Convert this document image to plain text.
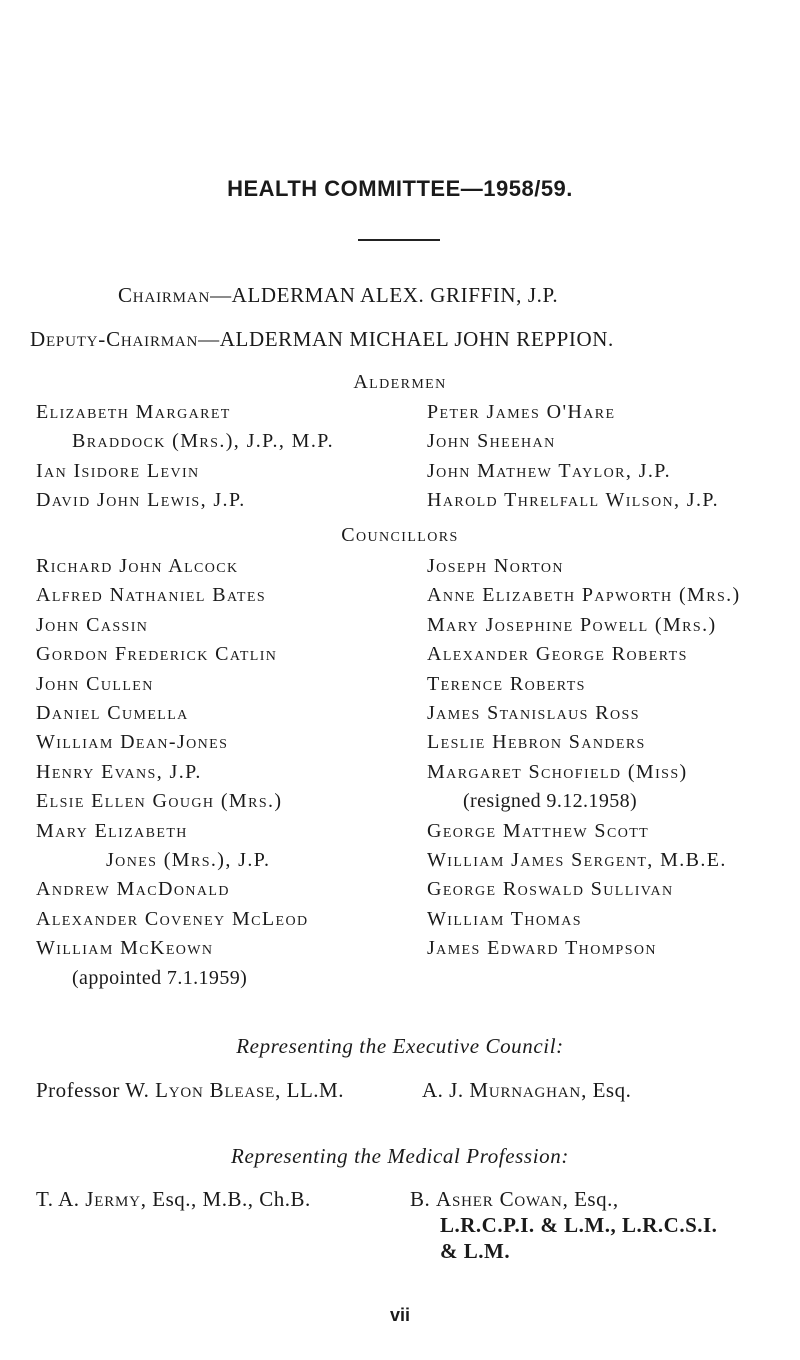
HEALTH COMMITTEE—1958/59.
Chairman—ALDERMAN ALEX. GRIFFIN, J.P.
Deputy-Chairman—ALDERMAN MICHAEL JOHN REPPION.
Aldermen
Elizabeth Margaret
Braddock (Mrs.), J.P., M.P.
Ian Isidore Levin
David John Lewis, J.P.
Peter James O'Hare
John Sheehan
John Mathew Taylor, J.P.
Harold Threlfall Wilson, J.P.
Councillors
Richard John Alcock
Alfred Nathaniel Bates
John Cassin
Gordon Frederick Catlin
John Cullen
Daniel Cumella
William Dean-Jones
Henry Evans, J.P.
Elsie Ellen Gough (Mrs.)
Mary Elizabeth
Jones (Mrs.), J.P.
Andrew MacDonald
Alexander Coveney McLeod
William McKeown
(appointed 7.1.1959)
Joseph Norton
Anne Elizabeth Papworth (Mrs.)
Mary Josephine Powell (Mrs.)
Alexander George Roberts
Terence Roberts
James Stanislaus Ross
Leslie Hebron Sanders
Margaret Schofield (Miss)
(resigned 9.12.1958)
George Matthew Scott
William James Sergent, M.B.E.
George Roswald Sullivan
William Thomas
James Edward Thompson
Representing the Executive Council:
Professor W. Lyon Blease, LL.M.	A. J. Murnaghan, Esq.
Representing the Medical Profession:
T. A. Jermy, Esq., M.B., Ch.B.	B. Asher Cowan, Esq.,
L.R.C.P.I. & L.M., L.R.C.S.I.
& L.M.
vii
